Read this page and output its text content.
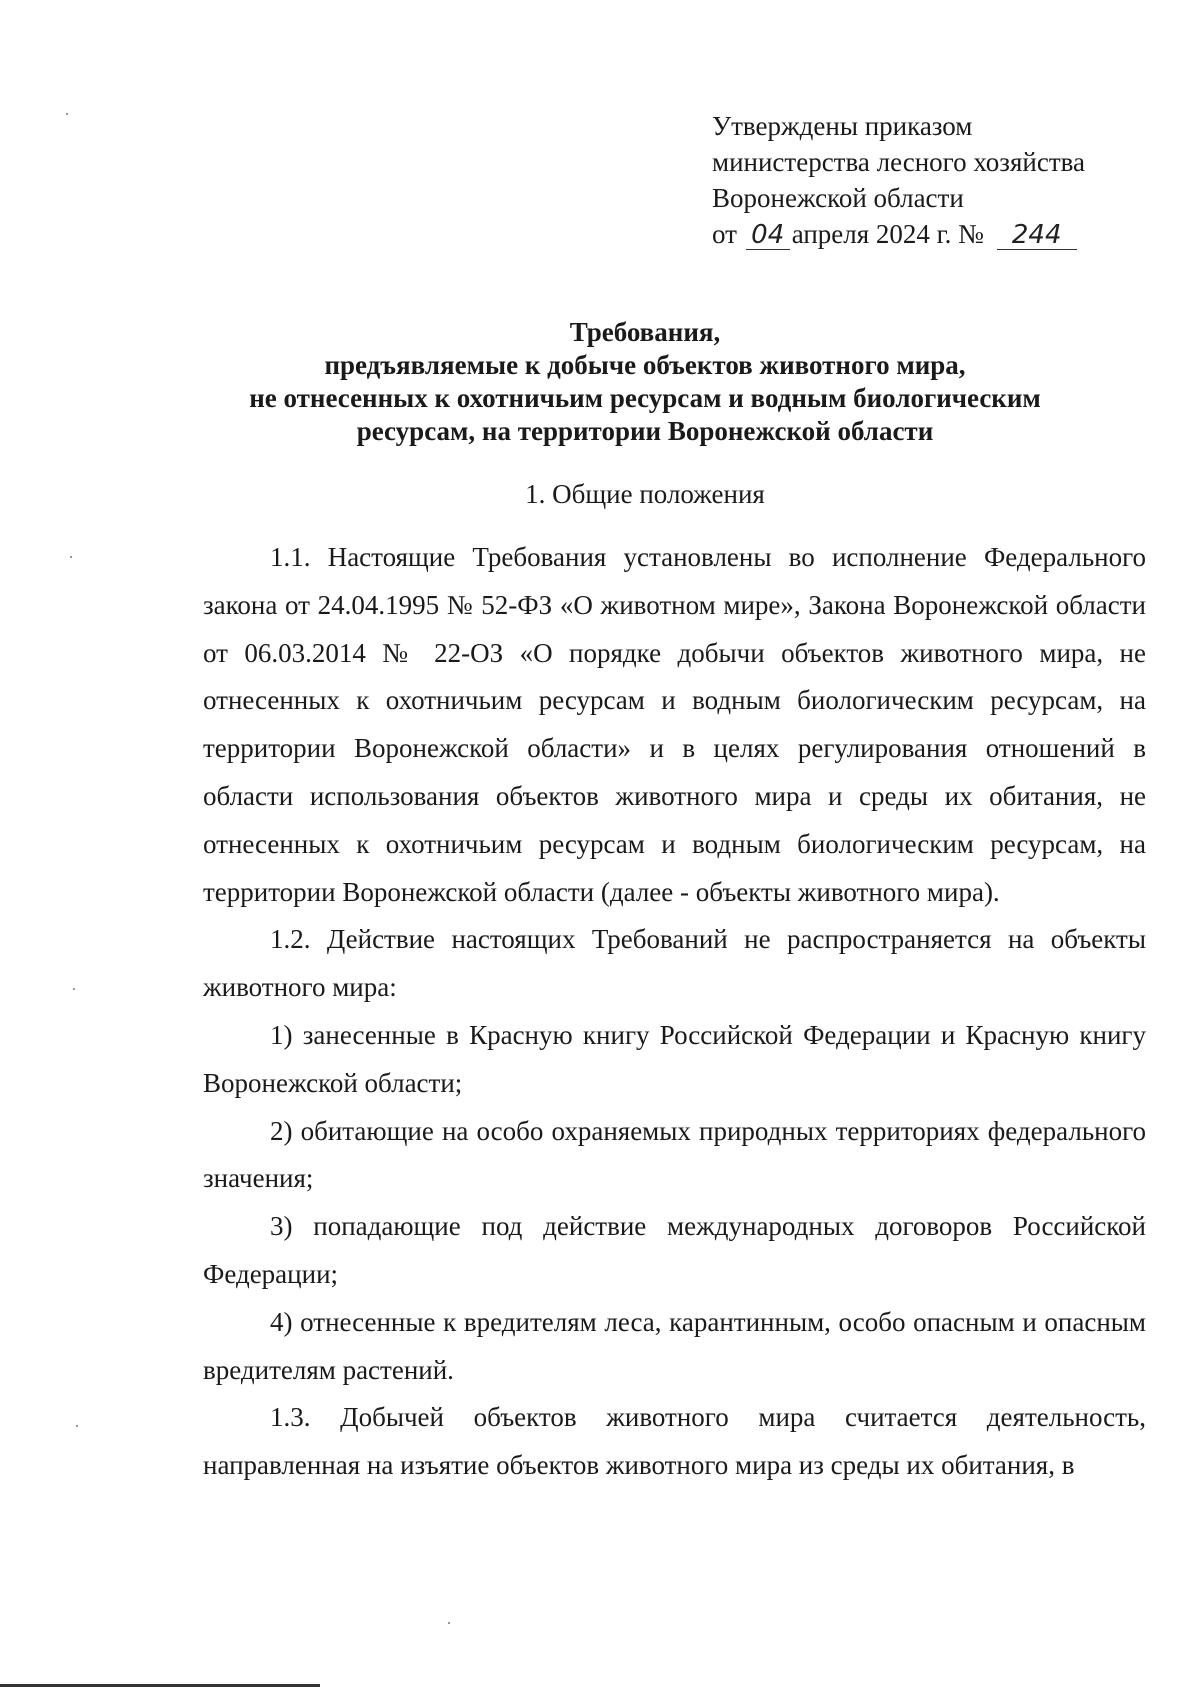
Утверждены приказом
министерства лесного хозяйства
Воронежской области
от 04 апреля 2024 г. № 244
Требования,
предъявляемые к добыче объектов животного мира,
не отнесенных к охотничьим ресурсам и водным биологическим
ресурсам, на территории Воронежской области
1. Общие положения

1.1. Настоящие Требования установлены во исполнение Федерального закона от 24.04.1995 № 52-ФЗ «О животном мире», Закона Воронежской области от 06.03.2014 № 22-ОЗ «О порядке добычи объектов животного мира, не отнесенных к охотничьим ресурсам и водным биологическим ресурсам, на территории Воронежской области» и в целях регулирования отношений в области использования объектов животного мира и среды их обитания, не отнесенных к охотничьим ресурсам и водным биологическим ресурсам, на территории Воронежской области (далее - объекты животного мира).

1.2. Действие настоящих Требований не распространяется на объекты животного мира:

1) занесенные в Красную книгу Российской Федерации и Красную книгу Воронежской области;

2) обитающие на особо охраняемых природных территориях федерального значения;

3) попадающие под действие международных договоров Российской Федерации;

4) отнесенные к вредителям леса, карантинным, особо опасным и опасным вредителям растений.

1.3. Добычей объектов животного мира считается деятельность, направленная на изъятие объектов животного мира из среды их обитания, в
